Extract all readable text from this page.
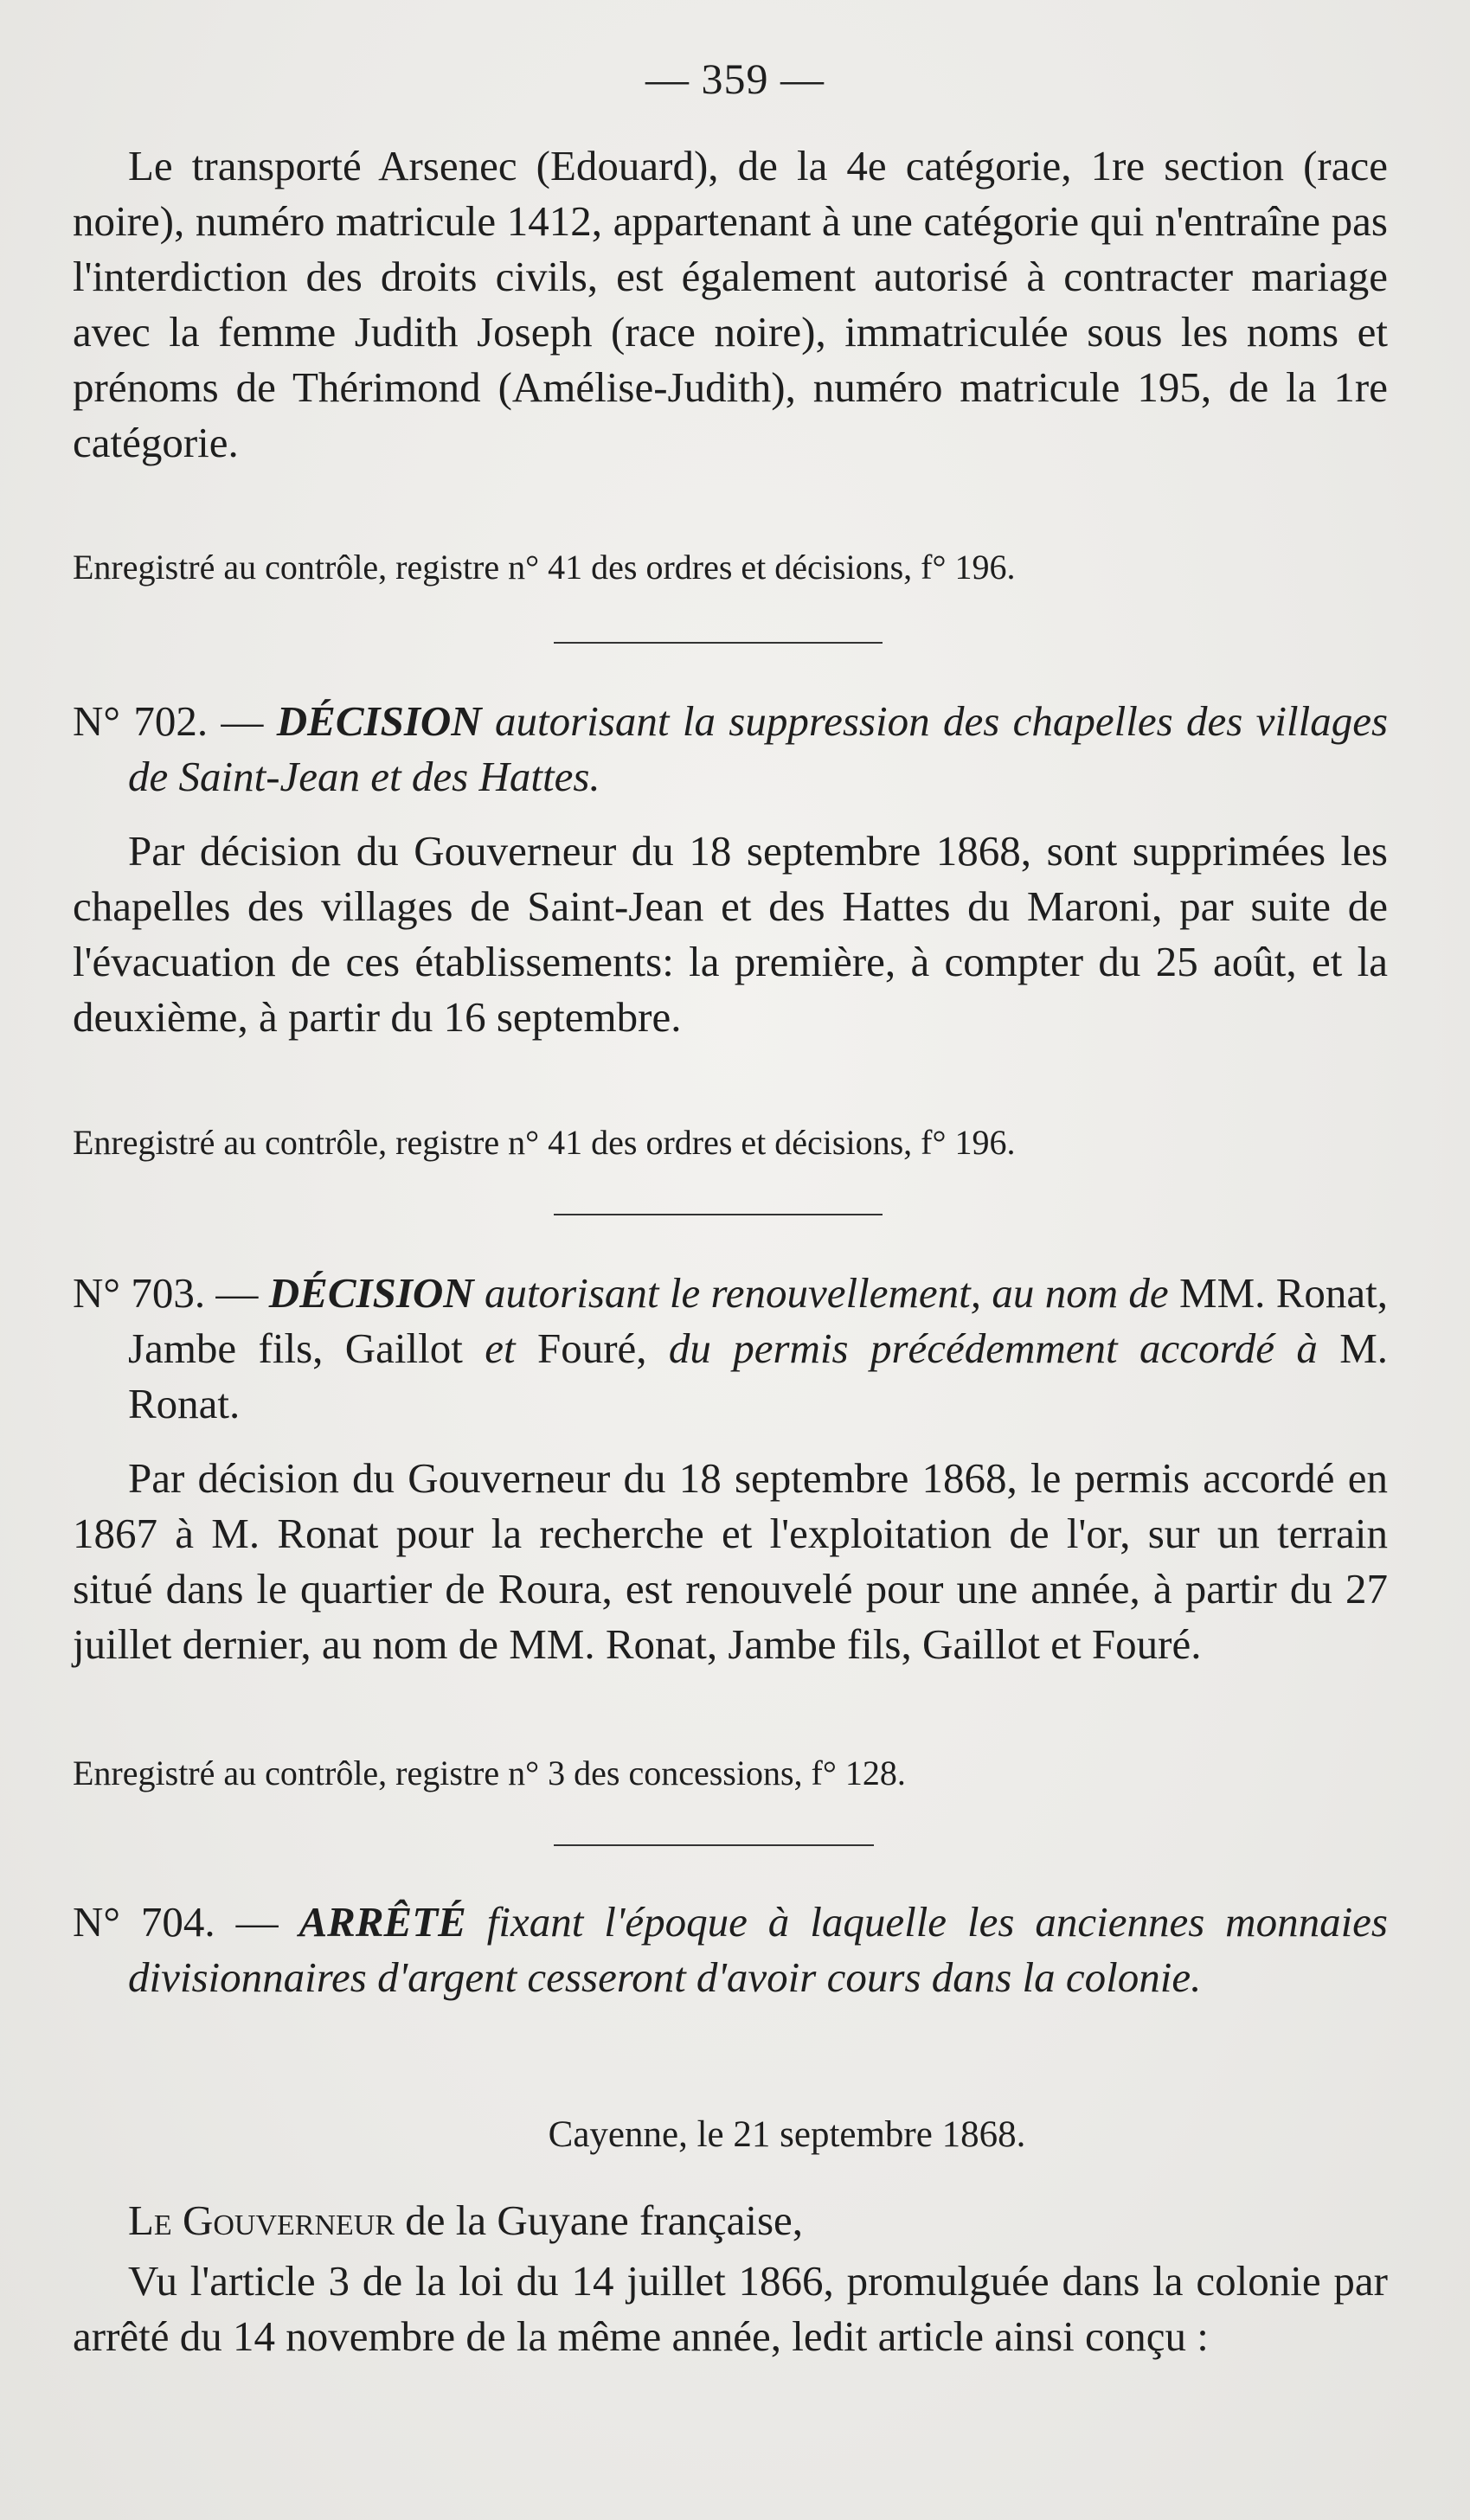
— 359 —

Le transporté Arsenec (Edouard), de la 4e catégorie, 1re section (race noire), numéro matricule 1412, appartenant à une catégorie qui n'entraîne pas l'interdiction des droits civils, est également autorisé à contracter mariage avec la femme Judith Joseph (race noire), immatriculée sous les noms et prénoms de Thérimond (Amélise-Judith), numéro matricule 195, de la 1re catégorie.

Enregistré au contrôle, registre n° 41 des ordres et décisions, f° 196.

N° 702. — DÉCISION autorisant la suppression des chapelles des villages de Saint-Jean et des Hattes.

Par décision du Gouverneur du 18 septembre 1868, sont supprimées les chapelles des villages de Saint-Jean et des Hattes du Maroni, par suite de l'évacuation de ces établissements: la première, à compter du 25 août, et la deuxième, à partir du 16 septembre.

Enregistré au contrôle, registre n° 41 des ordres et décisions, f° 196.

N° 703. — DÉCISION autorisant le renouvellement, au nom de MM. Ronat, Jambe fils, Gaillot et Fouré, du permis précédemment accordé à M. Ronat.

Par décision du Gouverneur du 18 septembre 1868, le permis accordé en 1867 à M. Ronat pour la recherche et l'exploitation de l'or, sur un terrain situé dans le quartier de Roura, est renouvelé pour une année, à partir du 27 juillet dernier, au nom de MM. Ronat, Jambe fils, Gaillot et Fouré.

Enregistré au contrôle, registre n° 3 des concessions, f° 128.

N° 704. — ARRÊTÉ fixant l'époque à laquelle les anciennes monnaies divisionnaires d'argent cesseront d'avoir cours dans la colonie.

Cayenne, le 21 septembre 1868.

Le Gouverneur de la Guyane française,

Vu l'article 3 de la loi du 14 juillet 1866, promulguée dans la colonie par arrêté du 14 novembre de la même année, ledit article ainsi conçu :
